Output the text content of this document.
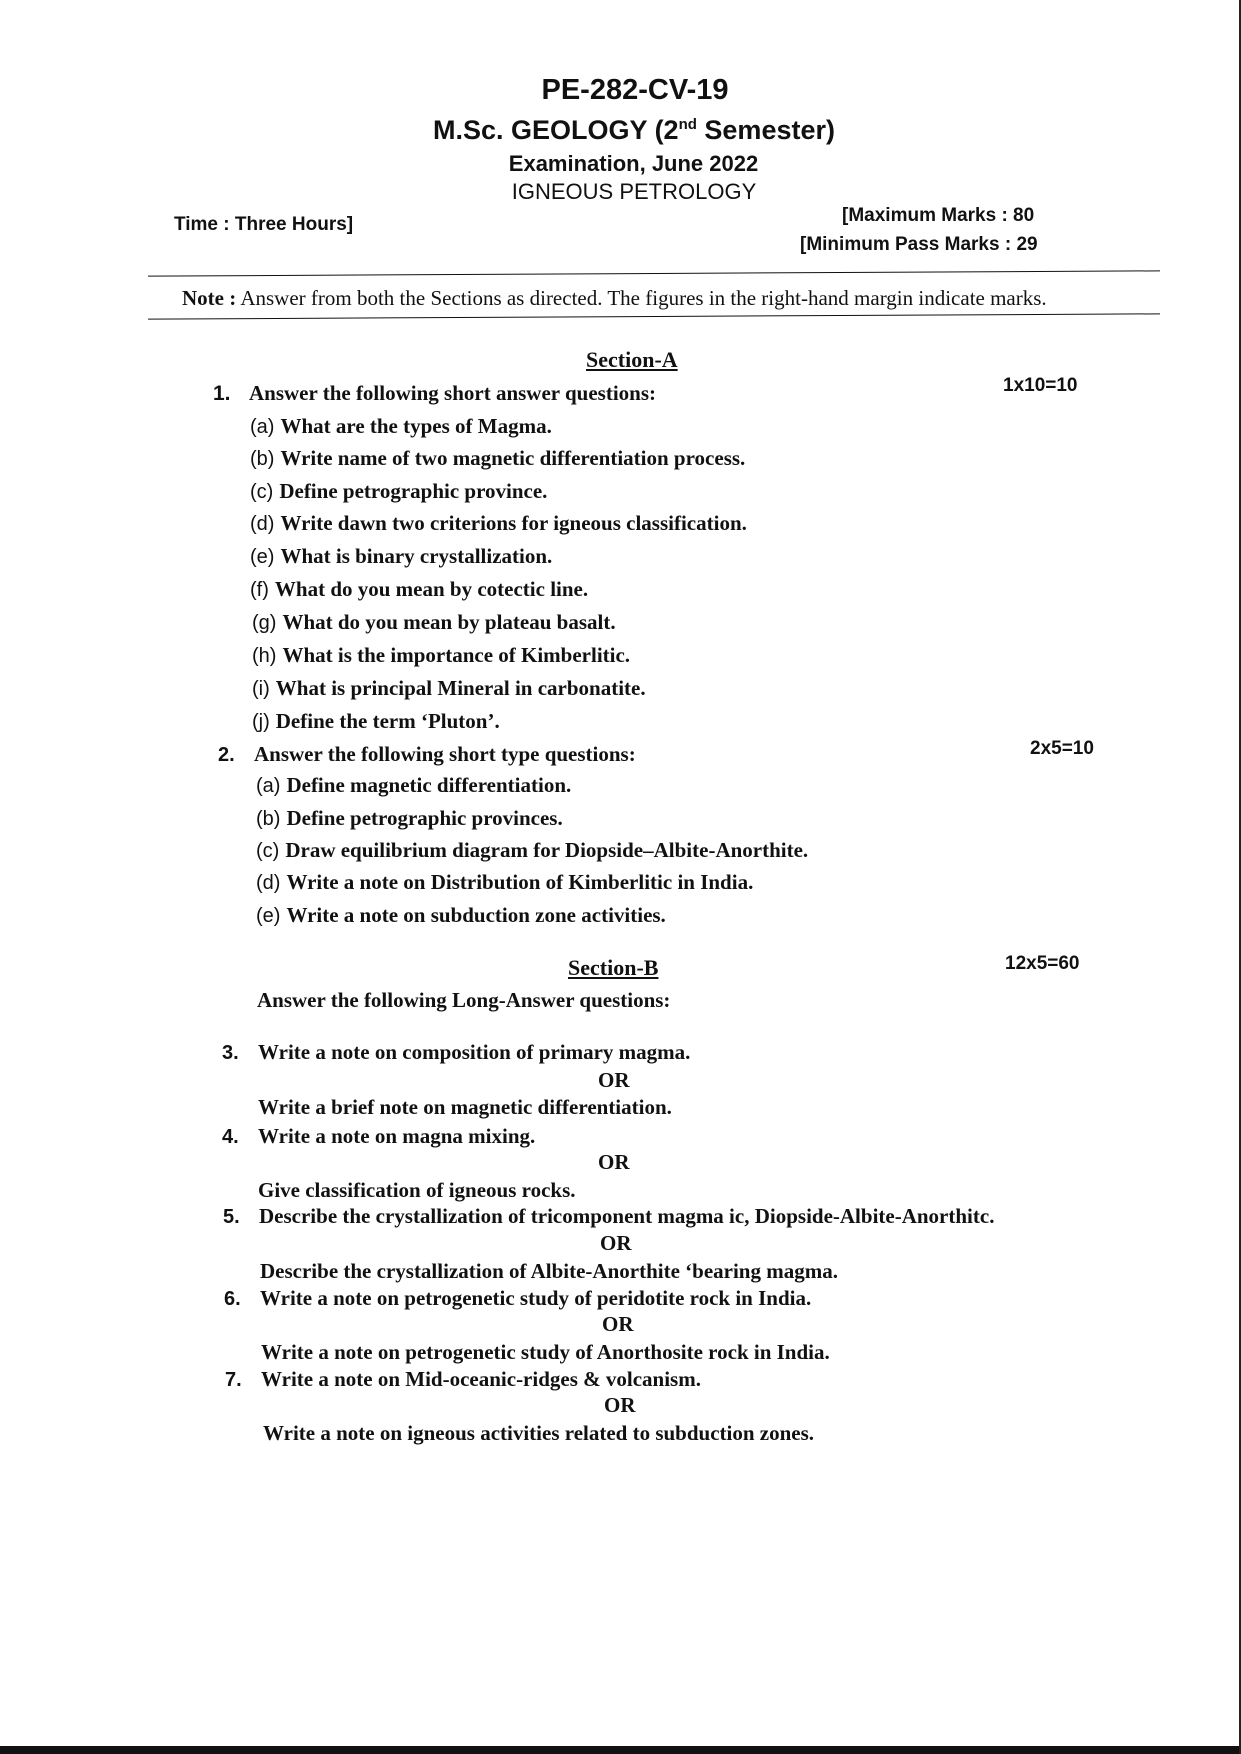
PE-282-CV-19
M.Sc. GEOLOGY (2nd Semester)
Examination, June 2022
IGNEOUS PETROLOGY
Time : Three Hours]	[Maximum Marks : 80
[Minimum Pass Marks : 29
Note : Answer from both the Sections as directed. The figures in the right-hand margin indicate marks.
Section-A
1. Answer the following short answer questions:	1x10=10
(a) What are the types of Magma.
(b) Write name of two magnetic differentiation process.
(c) Define petrographic province.
(d) Write dawn two criterions for igneous classification.
(e) What is binary crystallization.
(f) What do you mean by cotectic line.
(g) What do you mean by plateau basalt.
(h) What is the importance of Kimberlitic.
(i) What is principal Mineral in carbonatite.
(j) Define the term ‘Pluton’.
2. Answer the following short type questions:	2x5=10
(a) Define magnetic differentiation.
(b) Define petrographic provinces.
(c) Draw equilibrium diagram for Diopside–Albite-Anorthite.
(d) Write a note on Distribution of Kimberlitic in India.
(e) Write a note on subduction zone activities.
Section-B	12x5=60
Answer the following Long-Answer questions:
3. Write a note on composition of primary magma.
OR
Write a brief note on magnetic differentiation.
4. Write a note on magna mixing.
OR
Give classification of igneous rocks.
5. Describe the crystallization of tricomponent magma ic, Diopside-Albite-Anorthitc.
OR
Describe the crystallization of Albite-Anorthite ‘bearing magma.
6. Write a note on petrogenetic study of peridotite rock in India.
OR
Write a note on petrogenetic study of Anorthosite rock in India.
7. Write a note on Mid-oceanic-ridges & volcanism.
OR
Write a note on igneous activities related to subduction zones.
